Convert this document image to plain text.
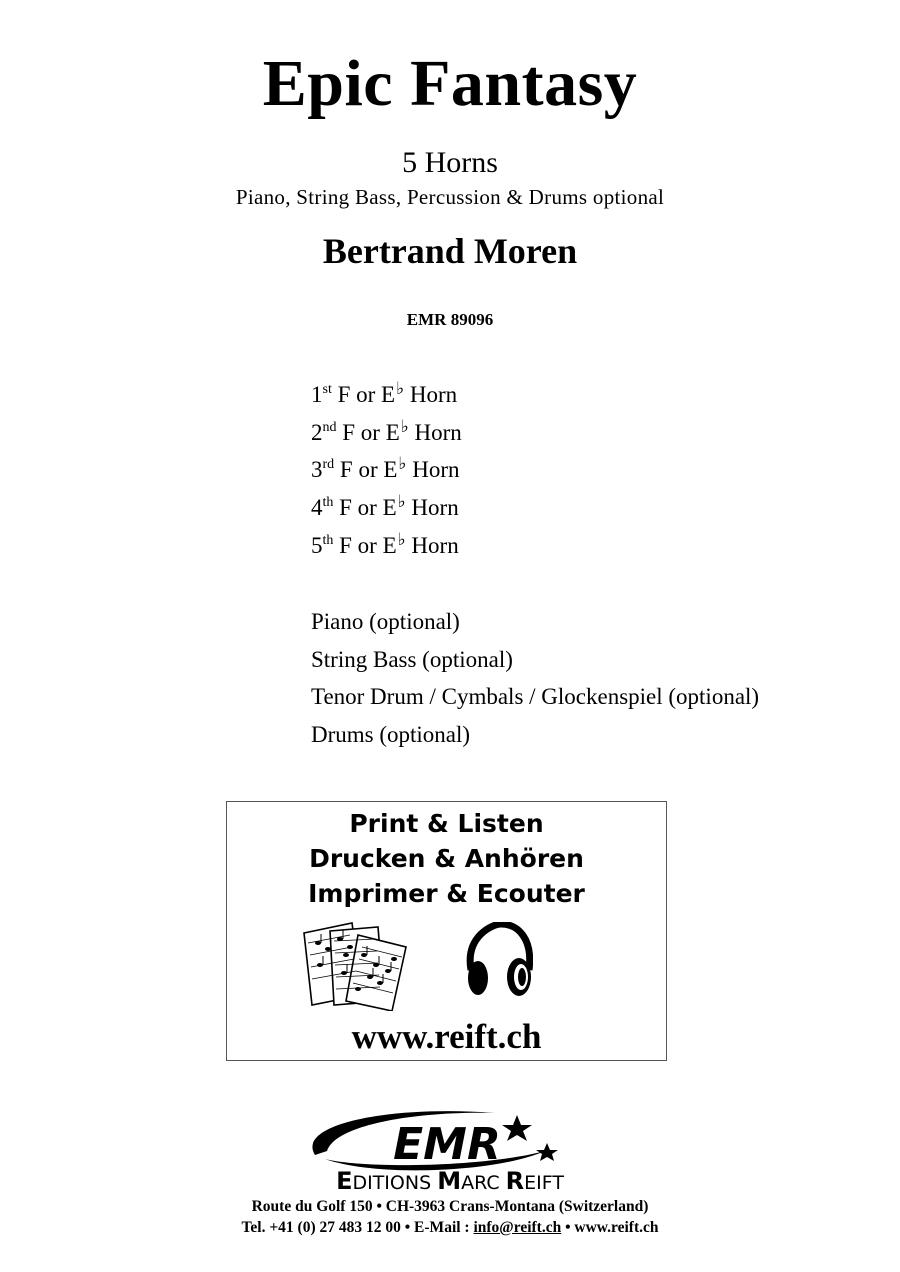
Epic Fantasy
5 Horns
Piano, String Bass, Percussion & Drums optional
Bertrand Moren
EMR 89096
1st F or E♭ Horn
2nd F or E♭ Horn
3rd F or E♭ Horn
4th F or E♭ Horn
5th F or E♭ Horn
Piano (optional)
String Bass (optional)
Tenor Drum / Cymbals / Glockenspiel (optional)
Drums (optional)
Print & Listen
Drucken & Anhören
Imprimer & Ecouter
www.reift.ch
EMR
EDITIONS MARC REIFT
Route du Golf 150 • CH-3963 Crans-Montana (Switzerland)
Tel. +41 (0) 27 483 12 00 • E-Mail : info@reift.ch • www.reift.ch
